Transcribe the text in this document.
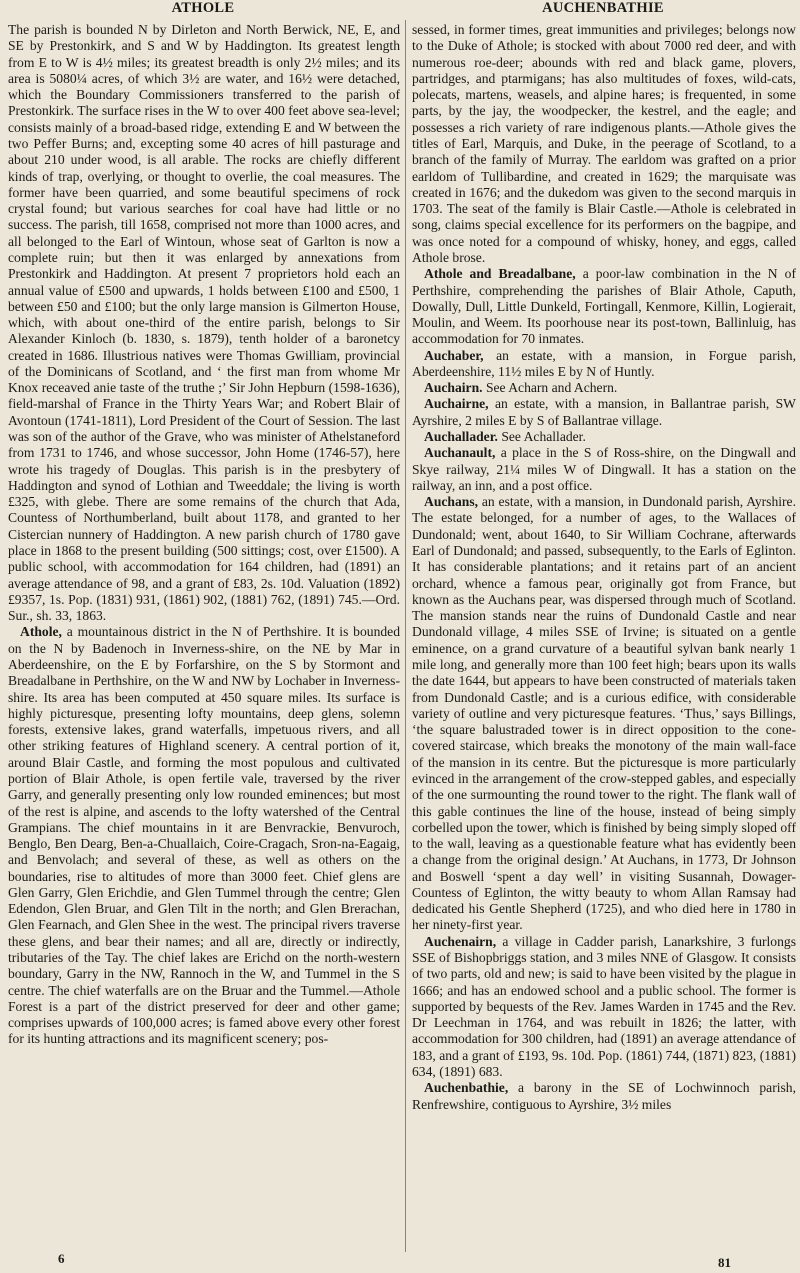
ATHOLE	AUCHENBATHIE

The parish is bounded N by Dirleton and North Berwick, NE, E, and SE by Prestonkirk, and S and W by Haddington. Its greatest length from E to W is 4½ miles; its greatest breadth is only 2½ miles; and its area is 5080¼ acres, of which 3½ are water, and 16½ were detached, which the Boundary Commissioners transferred to the parish of Prestonkirk. The surface rises in the W to over 400 feet above sea-level; consists mainly of a broad-based ridge, extending E and W between the two Peffer Burns; and, excepting some 40 acres of hill pasturage and about 210 under wood, is all arable. The rocks are chiefly different kinds of trap, overlying, or thought to overlie, the coal measures. The former have been quarried, and some beautiful specimens of rock crystal found; but various searches for coal have had little or no success. The parish, till 1658, comprised not more than 1000 acres, and all belonged to the Earl of Wintoun, whose seat of Garlton is now a complete ruin; but then it was enlarged by annexations from Prestonkirk and Haddington. At present 7 proprietors hold each an annual value of £500 and upwards, 1 holds between £100 and £500, 1 between £50 and £100; but the only large mansion is Gilmerton House, which, with about one-third of the entire parish, belongs to Sir Alexander Kinloch (b. 1830, s. 1879), tenth holder of a baronetcy created in 1686. Illustrious natives were Thomas Gwilliam, provincial of the Dominicans of Scotland, and ‘ the first man from whome Mr Knox receaved anie taste of the truthe ;’ Sir John Hepburn (1598-1636), field-marshal of France in the Thirty Years War; and Robert Blair of Avontoun (1741-1811), Lord President of the Court of Session. The last was son of the author of the Grave, who was minister of Athelstaneford from 1731 to 1746, and whose successor, John Home (1746-57), here wrote his tragedy of Douglas. This parish is in the presbytery of Haddington and synod of Lothian and Tweeddale; the living is worth £325, with glebe. There are some remains of the church that Ada, Countess of Northumberland, built about 1178, and granted to her Cistercian nunnery of Haddington. A new parish church of 1780 gave place in 1868 to the present building (500 sittings; cost, over £1500). A public school, with accommodation for 164 children, had (1891) an average attendance of 98, and a grant of £83, 2s. 10d. Valuation (1892) £9357, 1s. Pop. (1831) 931, (1861) 902, (1881) 762, (1891) 745.—Ord. Sur., sh. 33, 1863.

Athole, a mountainous district in the N of Perthshire. It is bounded on the N by Badenoch in Inverness-shire, on the NE by Mar in Aberdeenshire, on the E by Forfarshire, on the S by Stormont and Breadalbane in Perthshire, on the W and NW by Lochaber in Inverness-shire. Its area has been computed at 450 square miles. Its surface is highly picturesque, presenting lofty mountains, deep glens, solemn forests, extensive lakes, grand waterfalls, impetuous rivers, and all other striking features of Highland scenery. A central portion of it, around Blair Castle, and forming the most populous and cultivated portion of Blair Athole, is open fertile vale, traversed by the river Garry, and generally presenting only low rounded eminences; but most of the rest is alpine, and ascends to the lofty watershed of the Central Grampians. The chief mountains in it are Benvrackie, Benvuroch, Benglo, Ben Dearg, Ben-a-Chuallaich, Coire-Cragach, Sron-na-Eagaig, and Benvolach; and several of these, as well as others on the boundaries, rise to altitudes of more than 3000 feet. Chief glens are Glen Garry, Glen Erichdie, and Glen Tummel through the centre; Glen Edendon, Glen Bruar, and Glen Tilt in the north; and Glen Brerachan, Glen Fearnach, and Glen Shee in the west. The principal rivers traverse these glens, and bear their names; and all are, directly or indirectly, tributaries of the Tay. The chief lakes are Erichd on the north-western boundary, Garry in the NW, Rannoch in the W, and Tummel in the S centre. The chief waterfalls are on the Bruar and the Tummel.—Athole Forest is a part of the district preserved for deer and other game; comprises upwards of 100,000 acres; is famed above every other forest for its hunting attractions and its magnificent scenery; pos-

sessed, in former times, great immunities and privileges; belongs now to the Duke of Athole; is stocked with about 7000 red deer, and with numerous roe-deer; abounds with red and black game, plovers, partridges, and ptarmigans; has also multitudes of foxes, wild-cats, polecats, martens, weasels, and alpine hares; is frequented, in some parts, by the jay, the woodpecker, the kestrel, and the eagle; and possesses a rich variety of rare indigenous plants.—Athole gives the titles of Earl, Marquis, and Duke, in the peerage of Scotland, to a branch of the family of Murray. The earldom was grafted on a prior earldom of Tullibardine, and created in 1629; the marquisate was created in 1676; and the dukedom was given to the second marquis in 1703. The seat of the family is Blair Castle.—Athole is celebrated in song, claims special excellence for its performers on the bagpipe, and was once noted for a compound of whisky, honey, and eggs, called Athole brose.

Athole and Breadalbane, a poor-law combination in the N of Perthshire, comprehending the parishes of Blair Athole, Caputh, Dowally, Dull, Little Dunkeld, Fortingall, Kenmore, Killin, Logierait, Moulin, and Weem. Its poorhouse near its post-town, Ballinluig, has accommodation for 70 inmates.

Auchaber, an estate, with a mansion, in Forgue parish, Aberdeenshire, 11½ miles E by N of Huntly.

Auchairn. See Acharn and Achern.

Auchairne, an estate, with a mansion, in Ballantrae parish, SW Ayrshire, 2 miles E by S of Ballantrae village.

Auchallader. See Achallader.

Auchanault, a place in the S of Ross-shire, on the Dingwall and Skye railway, 21¼ miles W of Dingwall. It has a station on the railway, an inn, and a post office.

Auchans, an estate, with a mansion, in Dundonald parish, Ayrshire. The estate belonged, for a number of ages, to the Wallaces of Dundonald; went, about 1640, to Sir William Cochrane, afterwards Earl of Dundonald; and passed, subsequently, to the Earls of Eglinton. It has considerable plantations; and it retains part of an ancient orchard, whence a famous pear, originally got from France, but known as the Auchans pear, was dispersed through much of Scotland. The mansion stands near the ruins of Dundonald Castle and near Dundonald village, 4 miles SSE of Irvine; is situated on a gentle eminence, on a grand curvature of a beautiful sylvan bank nearly 1 mile long, and generally more than 100 feet high; bears upon its walls the date 1644, but appears to have been constructed of materials taken from Dundonald Castle; and is a curious edifice, with considerable variety of outline and very picturesque features. ‘Thus,’ says Billings, ‘the square balustraded tower is in direct opposition to the cone-covered staircase, which breaks the monotony of the main wall-face of the mansion in its centre. But the picturesque is more particularly evinced in the arrangement of the crow-stepped gables, and especially of the one surmounting the round tower to the right. The flank wall of this gable continues the line of the house, instead of being simply corbelled upon the tower, which is finished by being simply sloped off to the wall, leaving as a questionable feature what has evidently been a change from the original design.’ At Auchans, in 1773, Dr Johnson and Boswell ‘spent a day well’ in visiting Susannah, Dowager-Countess of Eglinton, the witty beauty to whom Allan Ramsay had dedicated his Gentle Shepherd (1725), and who died here in 1780 in her ninety-first year.

Auchenairn, a village in Cadder parish, Lanarkshire, 3 furlongs SSE of Bishopbriggs station, and 3 miles NNE of Glasgow. It consists of two parts, old and new; is said to have been visited by the plague in 1666; and has an endowed school and a public school. The former is supported by bequests of the Rev. James Warden in 1745 and the Rev. Dr Leechman in 1764, and was rebuilt in 1826; the latter, with accommodation for 300 children, had (1891) an average attendance of 183, and a grant of £193, 9s. 10d. Pop. (1861) 744, (1871) 823, (1881) 634, (1891) 683.

Auchenbathie, a barony in the SE of Lochwinnoch parish, Renfrewshire, contiguous to Ayrshire, 3½ miles

6	81
